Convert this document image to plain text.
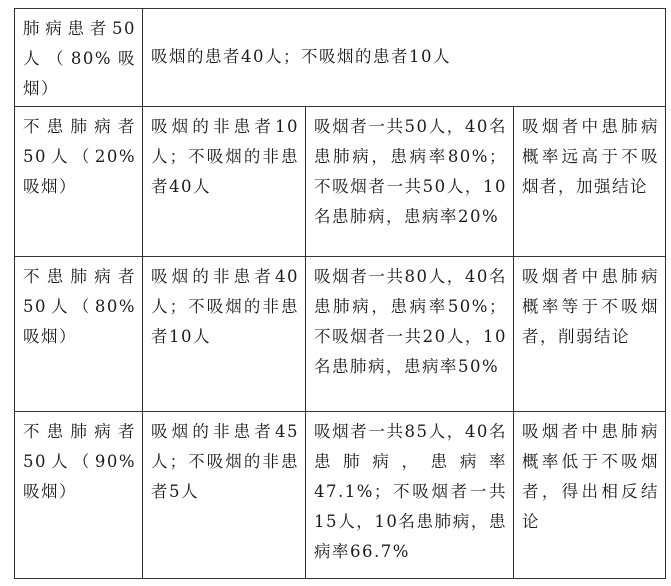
肺病患者50人（80%吸烟）	吸烟的患者40人；不吸烟的患者10人		
不患肺病者50人（20%吸烟）	吸烟的非患者10人；不吸烟的非患者40人	吸烟者一共50人，40名患肺病，患病率80%；不吸烟者一共50人，10名患肺病，患病率20%	吸烟者中患肺病概率远高于不吸烟者，加强结论
不患肺病者50人（80%吸烟）	吸烟的非患者40人；不吸烟的非患者10人	吸烟者一共80人，40名患肺病，患病率50%；不吸烟者一共20人，10名患肺病，患病率50%	吸烟者中患肺病概率等于不吸烟者，削弱结论
不患肺病者50人（90%吸烟）	吸烟的非患者45人；不吸烟的非患者5人	吸烟者一共85人，40名患肺病，患病率47.1%；不吸烟者一共15人，10名患肺病，患病率66.7%	吸烟者中患肺病概率低于不吸烟者，得出相反结论
